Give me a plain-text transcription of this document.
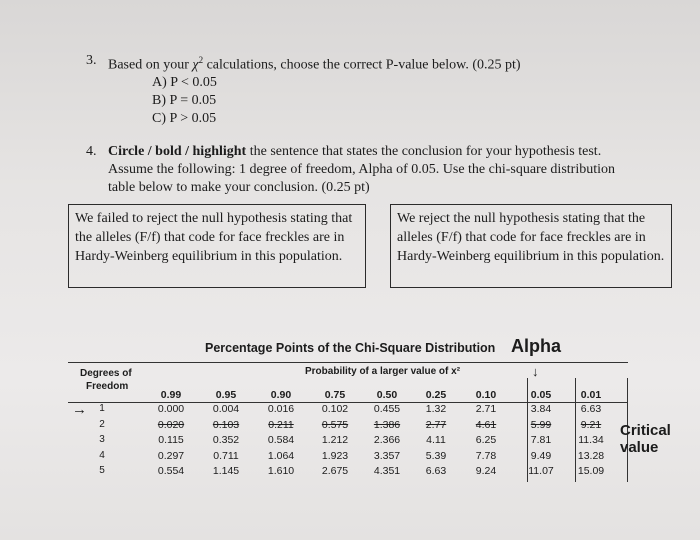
3. Based on your $\chi^2$ calculations, choose the correct P-value below. (0.25 pt)
A) P < 0.05
B) P = 0.05
C) P > 0.05
4. Circle / bold / highlight the sentence that states the conclusion for your hypothesis test.
Assume the following: 1 degree of freedom, Alpha of 0.05. Use the chi-square distribution
table below to make your conclusion. (0.25 pt)
We failed to reject the null hypothesis stating that the alleles (F/f) that code for face freckles are in Hardy-Weinberg equilibrium in this population.
We reject the null hypothesis stating that the alleles (F/f) that code for face freckles are in Hardy-Weinberg equilibrium in this population.
Percentage Points of the Chi-Square Distribution Alpha
↓
Degrees of
Freedom
Probability of a larger value of x²
0.99	0.95	0.90	0.75	0.50	0.25	0.10	0.05	0.01
→	1	0.000	0.004	0.016	0.102	0.455	1.32	2.71	3.84	6.63
2	0.020	0.103	0.211	0.575	1.386	2.77	4.61	5.99	9.21
3	0.115	0.352	0.584	1.212	2.366	4.11	6.25	7.81	11.34
4	0.297	0.711	1.064	1.923	3.357	5.39	7.78	9.49	13.28
5	0.554	1.145	1.610	2.675	4.351	6.63	9.24	11.07	15.09
Critical
value
